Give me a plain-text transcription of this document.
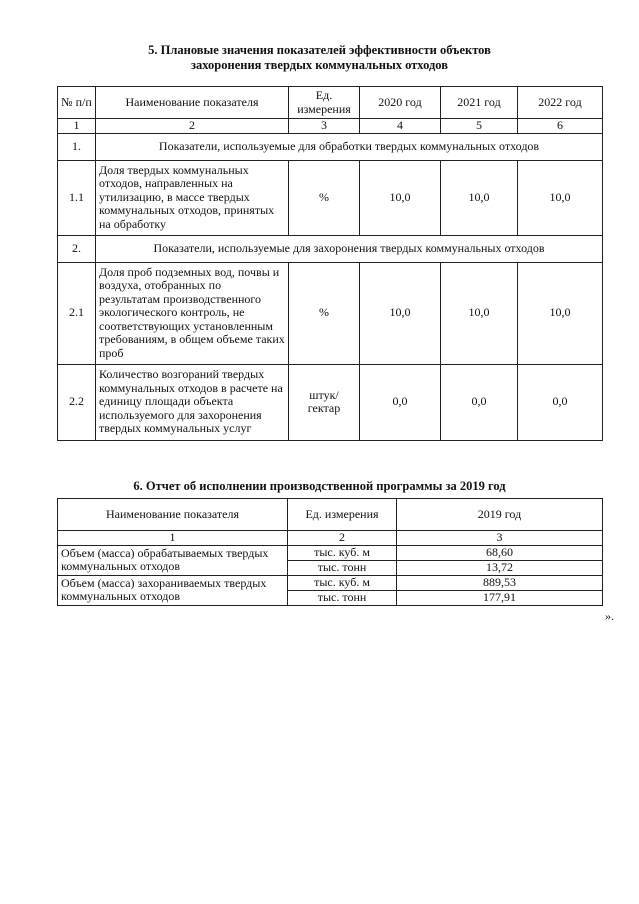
5. Плановые значения показателей эффективности объектов
захоронения твердых коммунальных отходов
№ п/п	Наименование показателя	Ед. измерения	2020 год	2021 год	2022 год
1	2	3	4	5	6
1.	Показатели, используемые для обработки твердых коммунальных отходов				
1.1	Доля твердых коммунальных отходов, направленных на утилизацию, в массе твердых коммунальных отходов, принятых на обработку	%	10,0	10,0	10,0
2.	Показатели, используемые для захоронения твердых коммунальных отходов				
2.1	Доля проб подземных вод, почвы и воздуха, отобранных по результатам производственного экологического контроль, не соответствующих установленным требованиям, в общем объеме таких проб	%	10,0	10,0	10,0
2.2	Количество возгораний твердых коммунальных отходов в расчете на единицу площади объекта используемого для захоронения твердых коммунальных услуг	штук/ гектар	0,0	0,0	0,0
6. Отчет об исполнении производственной программы за 2019 год
Наименование показателя	Ед. измерения	2019 год
1	2	3
Объем (масса) обрабатываемых твердых коммунальных отходов	тыс. куб. м	68,60
	тыс. тонн	13,72
Объем (масса) захораниваемых твердых коммунальных отходов	тыс. куб. м	889,53
	тыс. тонн	177,91
».
